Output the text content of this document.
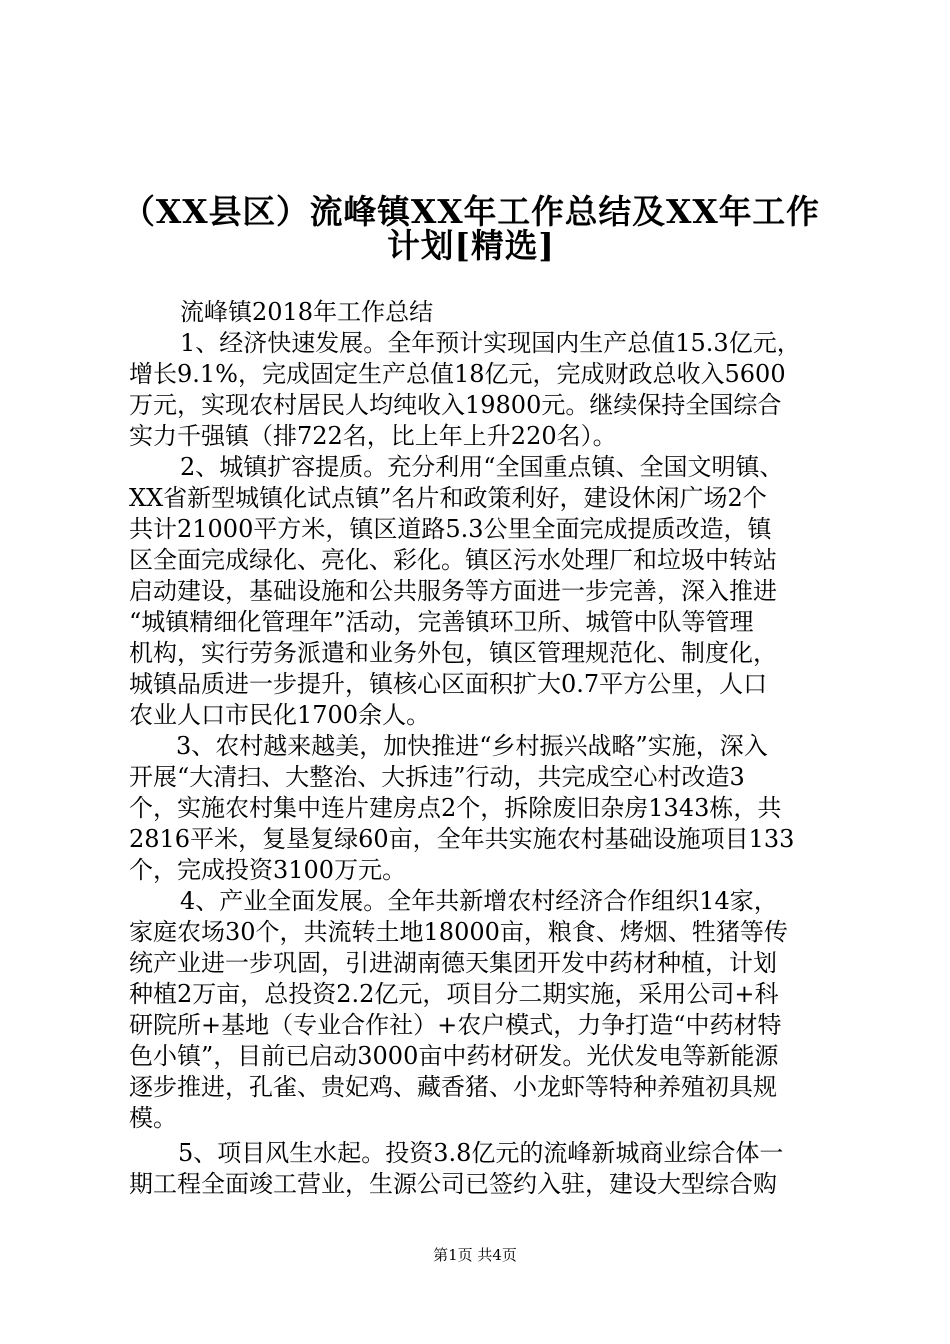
（XX县区）流峰镇XX年工作总结及XX年工作
计划[精选]
流峰镇2018年工作总结
1、经济快速发展。全年预计实现国内生产总值15.3亿元，
增长9.1%，完成固定生产总值18亿元，完成财政总收入5600
万元，实现农村居民人均纯收入19800元。继续保持全国综合
实力千强镇（排722名，比上年上升220名）。
2、城镇扩容提质。充分利用“全国重点镇、全国文明镇、
XX省新型城镇化试点镇”名片和政策利好，建设休闲广场2个
共计21000平方米，镇区道路5.3公里全面完成提质改造，镇
区全面完成绿化、亮化、彩化。镇区污水处理厂和垃圾中转站
启动建设，基础设施和公共服务等方面进一步完善，深入推进
“城镇精细化管理年”活动，完善镇环卫所、城管中队等管理
机构，实行劳务派遣和业务外包，镇区管理规范化、制度化，
城镇品质进一步提升，镇核心区面积扩大0.7平方公里，人口
农业人口市民化1700余人。
3、农村越来越美，加快推进“乡村振兴战略”实施，深入
开展“大清扫、大整治、大拆违”行动，共完成空心村改造3
个，实施农村集中连片建房点2个，拆除废旧杂房1343栋，共
2816平米，复垦复绿60亩，全年共实施农村基础设施项目133
个，完成投资3100万元。
4、产业全面发展。全年共新增农村经济合作组织14家，
家庭农场30个，共流转土地18000亩，粮食、烤烟、牲猪等传
统产业进一步巩固，引进湖南德天集团开发中药材种植，计划
种植2万亩，总投资2.2亿元，项目分二期实施，采用公司+科
研院所+基地（专业合作社）+农户模式，力争打造“中药材特
色小镇”，目前已启动3000亩中药材研发。光伏发电等新能源
逐步推进，孔雀、贵妃鸡、藏香猪、小龙虾等特种养殖初具规
模。
5、项目风生水起。投资3.8亿元的流峰新城商业综合体一
期工程全面竣工营业，生源公司已签约入驻，建设大型综合购
第1页 共4页
